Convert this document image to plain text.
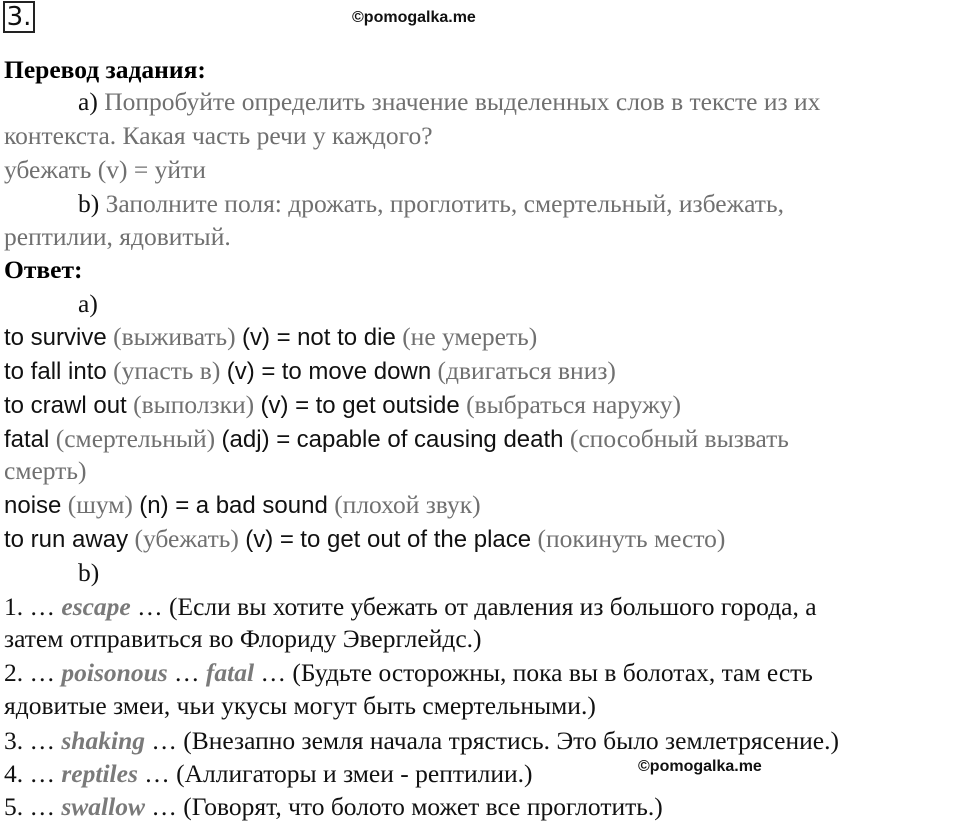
3.	©pomogalka.me
Перевод задания:
a) Попробуйте определить значение выделенных слов в тексте из их
контекста. Какая часть речи у каждого?
убежать (v) = уйти
b) Заполните поля: дрожать, проглотить, смертельный, избежать,
рептилии, ядовитый.
Ответ:
a)
to survive (выживать) (v) = not to die (не умереть)
to fall into (упасть в) (v) = to move down (двигаться вниз)
to crawl out (выползки) (v) = to get outside (выбраться наружу)
fatal (смертельный) (adj) = capable of causing death (способный вызвать
смерть)
noise (шум) (n) = a bad sound (плохой звук)
to run away (убежать) (v) = to get out of the place (покинуть место)
b)
1. … escape … (Если вы хотите убежать от давления из большого города, а
затем отправиться во Флориду Эверглейдс.)
2. … poisonous … fatal … (Будьте осторожны, пока вы в болотах, там есть
ядовитые змеи, чьи укусы могут быть смертельными.)
3. … shaking … (Внезапно земля начала трястись. Это было землетрясение.)
4. … reptiles … (Аллигаторы и змеи - рептилии.)	©pomogalka.me
5. … swallow … (Говорят, что болото может все проглотить.)
